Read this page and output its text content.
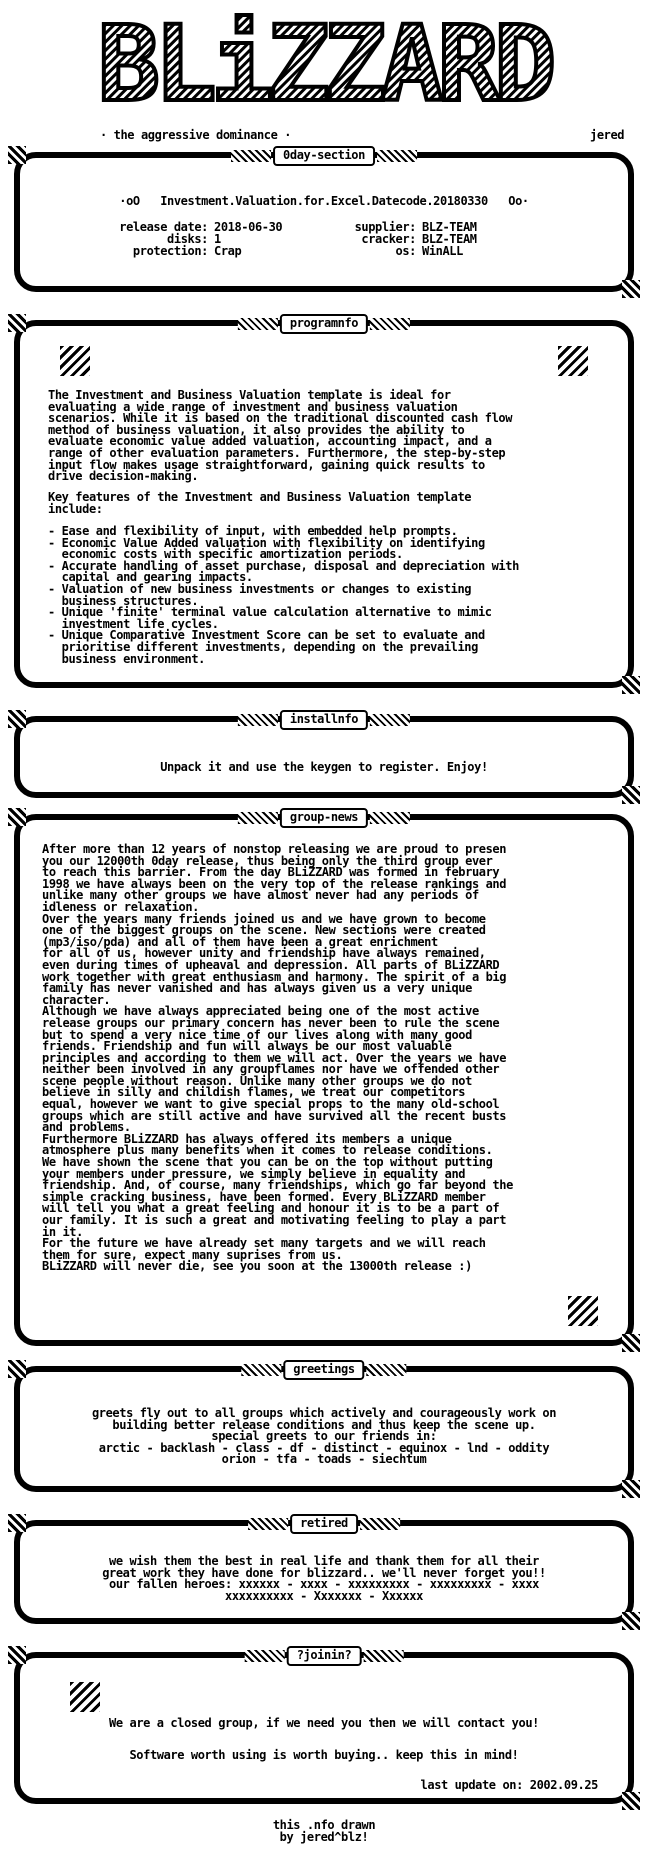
BLiZZARD
· the aggressive dominance ·	jered
0day-section
·oO   Investment.Valuation.for.Excel.Datecode.20180330   Oo·
release date: 2018-06-30
disks: 1
protection: Crap
supplier: BLZ-TEAM
cracker: BLZ-TEAM
os: WinALL
programnfo
The Investment and Business Valuation template is ideal for
evaluating a wide range of investment and business valuation
scenarios. While it is based on the traditional discounted cash flow
method of business valuation, it also provides the ability to
evaluate economic value added valuation, accounting impact, and a
range of other evaluation parameters. Furthermore, the step-by-step
input flow makes usage straightforward, gaining quick results to
drive decision-making.
Key features of the Investment and Business Valuation template
include:
- Ease and flexibility of input, with embedded help prompts.
- Economic Value Added valuation with flexibility on identifying
economic costs with specific amortization periods.
- Accurate handling of asset purchase, disposal and depreciation with
capital and gearing impacts.
- Valuation of new business investments or changes to existing
business structures.
- Unique 'finite' terminal value calculation alternative to mimic
investment life cycles.
- Unique Comparative Investment Score can be set to evaluate and
prioritise different investments, depending on the prevailing
business environment.
installnfo
Unpack it and use the keygen to register. Enjoy!
group-news
After more than 12 years of nonstop releasing we are proud to presen
you our 12000th 0day release, thus being only the third group ever
to reach this barrier. From the day BLiZZARD was formed in february
1998 we have always been on the very top of the release rankings and
unlike many other groups we have almost never had any periods of
idleness or relaxation.
Over the years many friends joined us and we have grown to become
one of the biggest groups on the scene. New sections were created
(mp3/iso/pda) and all of them have been a great enrichment
for all of us, however unity and friendship have always remained,
even during times of upheaval and depression. All parts of BLiZZARD
work together with great enthusiasm and harmony. The spirit of a big
family has never vanished and has always given us a very unique
character.
Although we have always appreciated being one of the most active
release groups our primary concern has never been to rule the scene
but to spend a very nice time of our lives along with many good
friends. Friendship and fun will always be our most valuable
principles and according to them we will act. Over the years we have
neither been involved in any groupflames nor have we offended other
scene people without reason. Unlike many other groups we do not
believe in silly and childish flames, we treat our competitors
equal, however we want to give special props to the many old-school
groups which are still active and have survived all the recent busts
and problems.
Furthermore BLiZZARD has always offered its members a unique
atmosphere plus many benefits when it comes to release conditions.
We have shown the scene that you can be on the top without putting
your members under pressure, we simply believe in equality and
friendship. And, of course, many friendships, which go far beyond the
simple cracking business, have been formed. Every BLiZZARD member
will tell you what a great feeling and honour it is to be a part of
our family. It is such a great and motivating feeling to play a part
in it.
For the future we have already set many targets and we will reach
them for sure, expect many suprises from us.
BLiZZARD will never die, see you soon at the 13000th release :)
greetings
greets fly out to all groups which actively and courageously work on
building better release conditions and thus keep the scene up.
special greets to our friends in:
arctic - backlash - class - df - distinct - equinox - lnd - oddity
orion - tfa - toads - siechtum
retired
we wish them the best in real life and thank them for all their
great work they have done for blizzard.. we'll never forget you!!
our fallen heroes: xxxxxx - xxxx - xxxxxxxxx - xxxxxxxxx - xxxx
xxxxxxxxxx - Xxxxxxx - Xxxxxx
?joinin?
We are a closed group, if we need you then we will contact you!
Software worth using is worth buying.. keep this in mind!
last update on: 2002.09.25
this .nfo drawn
by jered^blz!
